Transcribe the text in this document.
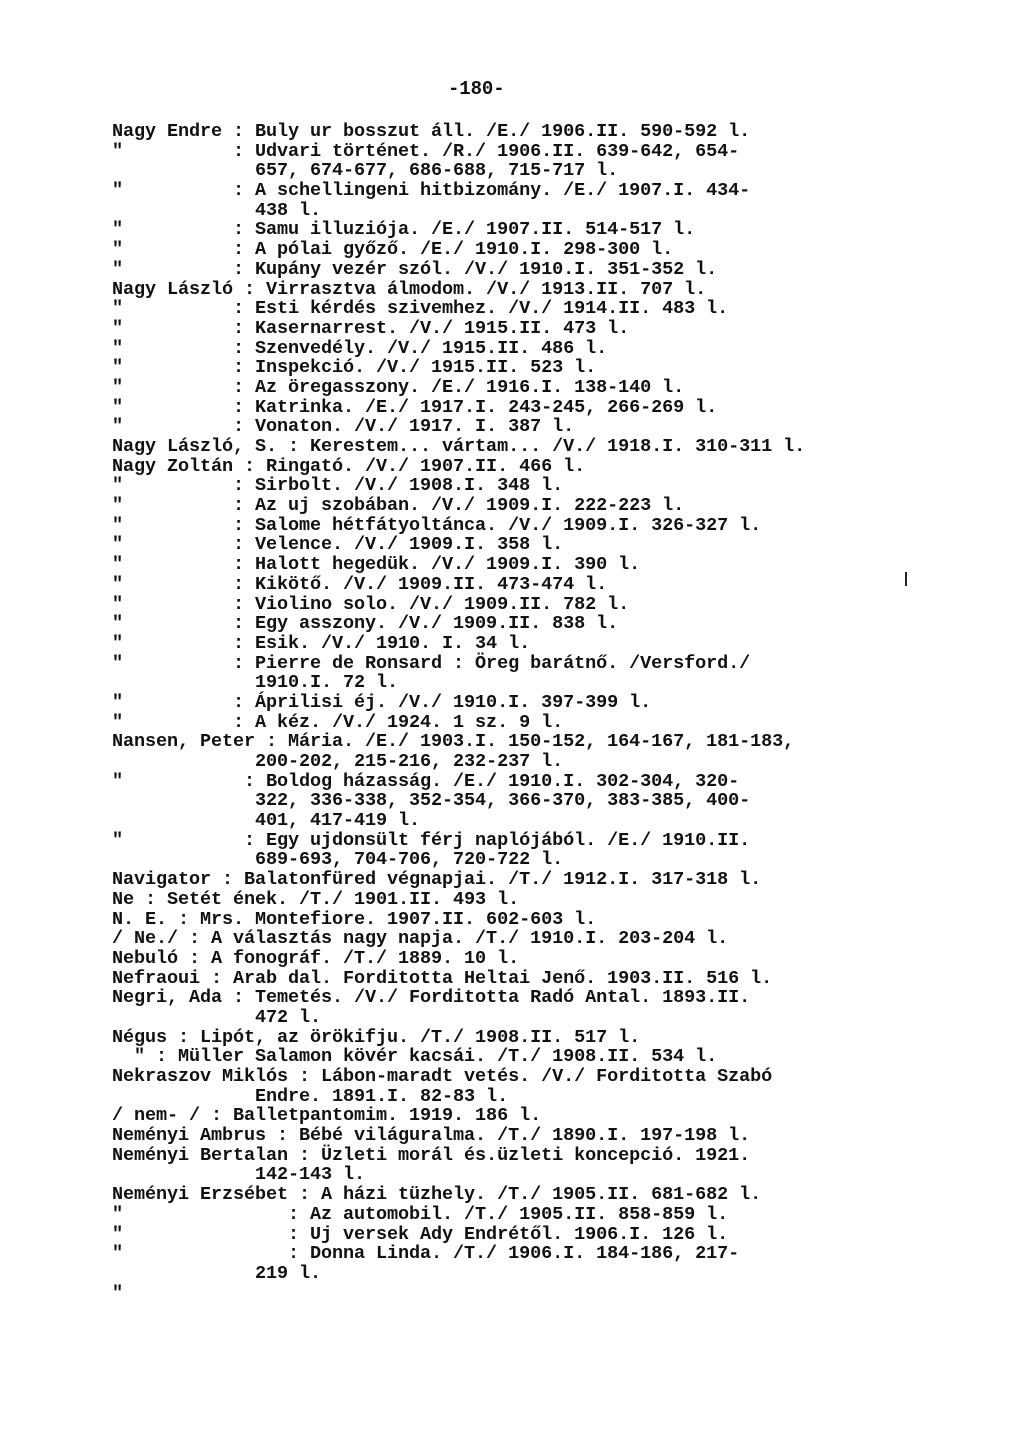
-180-
Nagy Endre : Buly ur bosszut áll. /E./ 1906.II. 590-592 l.
"          : Udvari történet. /R./ 1906.II. 639-642, 654-
657, 674-677, 686-688, 715-717 l.
"          : A schellingeni hitbizomány. /E./ 1907.I. 434-
438 l.
"          : Samu illuziója. /E./ 1907.II. 514-517 l.
"          : A pólai győző. /E./ 1910.I. 298-300 l.
"          : Kupány vezér szól. /V./ 1910.I. 351-352 l.
Nagy László : Virrasztva álmodom. /V./ 1913.II. 707 l.
"          : Esti kérdés szivemhez. /V./ 1914.II. 483 l.
"          : Kasernarrest. /V./ 1915.II. 473 l.
"          : Szenvedély. /V./ 1915.II. 486 l.
"          : Inspekció. /V./ 1915.II. 523 l.
"          : Az öregasszony. /E./ 1916.I. 138-140 l.
"          : Katrinka. /E./ 1917.I. 243-245, 266-269 l.
"          : Vonaton. /V./ 1917. I. 387 l.
Nagy László, S. : Kerestem... vártam... /V./ 1918.I. 310-311 l.
Nagy Zoltán : Ringató. /V./ 1907.II. 466 l.
"          : Sirbolt. /V./ 1908.I. 348 l.
"          : Az uj szobában. /V./ 1909.I. 222-223 l.
"          : Salome hétfátyoltánca. /V./ 1909.I. 326-327 l.
"          : Velence. /V./ 1909.I. 358 l.
"          : Halott hegedük. /V./ 1909.I. 390 l.
"          : Kikötő. /V./ 1909.II. 473-474 l.
"          : Violino solo. /V./ 1909.II. 782 l.
"          : Egy asszony. /V./ 1909.II. 838 l.
"          : Esik. /V./ 1910. I. 34 l.
"          : Pierre de Ronsard : Öreg barátnő. /Versford./
1910.I. 72 l.
"          : Áprilisi éj. /V./ 1910.I. 397-399 l.
"          : A kéz. /V./ 1924. 1 sz. 9 l.
Nansen, Peter : Mária. /E./ 1903.I. 150-152, 164-167, 181-183,
200-202, 215-216, 232-237 l.
"           : Boldog házasság. /E./ 1910.I. 302-304, 320-
322, 336-338, 352-354, 366-370, 383-385, 400-
401, 417-419 l.
"           : Egy ujdonsült férj naplójából. /E./ 1910.II.
689-693, 704-706, 720-722 l.
Navigator : Balatonfüred végnapjai. /T./ 1912.I. 317-318 l.
Ne : Setét ének. /T./ 1901.II. 493 l.
N. E. : Mrs. Montefiore. 1907.II. 602-603 l.
/ Ne./ : A választás nagy napja. /T./ 1910.I. 203-204 l.
Nebuló : A fonográf. /T./ 1889. 10 l.
Nefraoui : Arab dal. Forditotta Heltai Jenő. 1903.II. 516 l.
Negri, Ada : Temetés. /V./ Forditotta Radó Antal. 1893.II.
472 l.
Négus : Lipót, az örökifju. /T./ 1908.II. 517 l.
" : Müller Salamon kövér kacsái. /T./ 1908.II. 534 l.
Nekraszov Miklós : Lábon-maradt vetés. /V./ Forditotta Szabó
Endre. 1891.I. 82-83 l.
/ nem- / : Balletpantomim. 1919. 186 l.
Neményi Ambrus : Bébé világuralma. /T./ 1890.I. 197-198 l.
Neményi Bertalan : Üzleti morál és.üzleti koncepció. 1921.
142-143 l.
Neményi Erzsébet : A házi tüzhely. /T./ 1905.II. 681-682 l.
"               : Az automobil. /T./ 1905.II. 858-859 l.
"               : Uj versek Ady Endrétől. 1906.I. 126 l.
"               : Donna Linda. /T./ 1906.I. 184-186, 217-
219 l.
"
